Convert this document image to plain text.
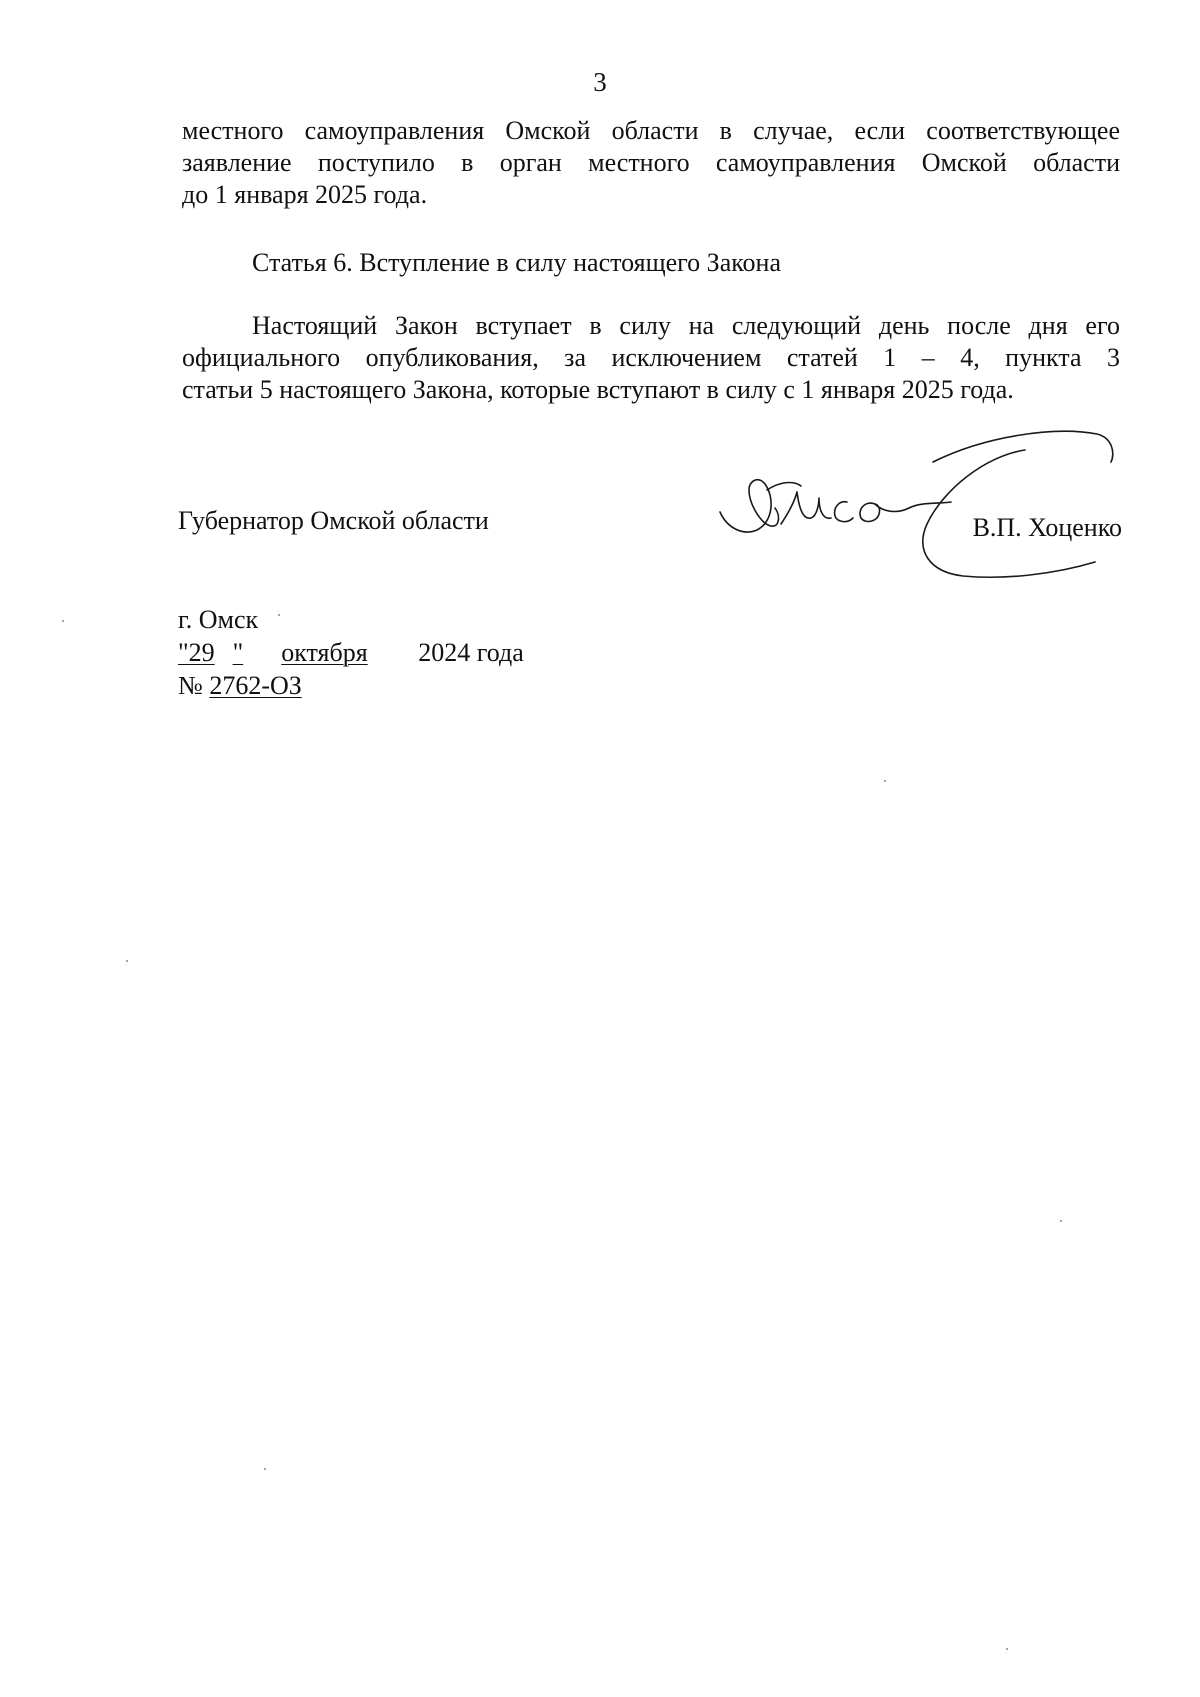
3
местного самоуправления Омской области в случае, если соответствующее
заявление поступило в орган местного самоуправления Омской области
до 1 января 2025 года.
Статья 6. Вступление в силу настоящего Закона
Настоящий Закон вступает в силу на следующий день после дня его
официального опубликования, за исключением статей 1 – 4, пункта 3
статьи 5 настоящего Закона, которые вступают в силу с 1 января 2025 года.
Губернатор Омской области	В.П. Хоценко
г. Омск
"29 " октября 2024 года
№ 2762-ОЗ
